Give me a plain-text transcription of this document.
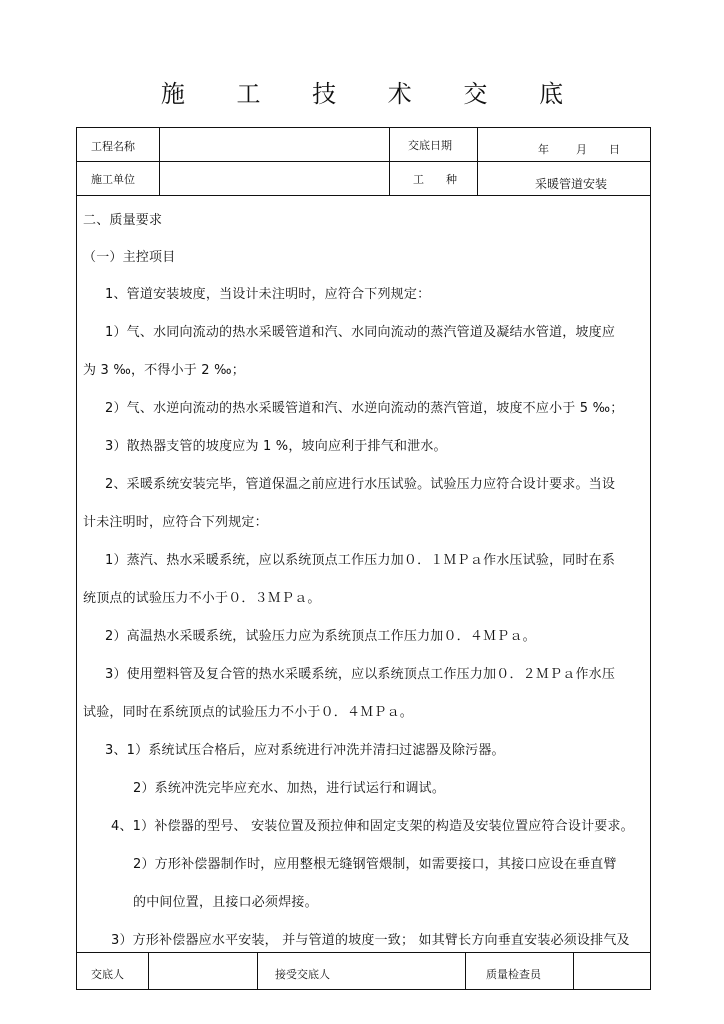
施 工 技 术 交 底
工程名称	交底日期	年 月 日
施工单位	工　　种	采暖管道安装
二、质量要求
（一）主控项目
1、管道安装坡度，当设计未注明时，应符合下列规定：
1）气、水同向流动的热水采暖管道和汽、水同向流动的蒸汽管道及凝结水管道，坡度应
为 3 ‰，不得小于 2 ‰；
2）气、水逆向流动的热水采暖管道和汽、水逆向流动的蒸汽管道，坡度不应小于 5 ‰；
3）散热器支管的坡度应为 1 %，坡向应利于排气和泄水。
2、采暖系统安装完毕，管道保温之前应进行水压试验。试验压力应符合设计要求。当设
计未注明时，应符合下列规定：
1）蒸汽、热水采暖系统，应以系统顶点工作压力加０．１ＭＰａ作水压试验，同时在系
统顶点的试验压力不小于０．３ＭＰａ。
2）高温热水采暖系统，试验压力应为系统顶点工作压力加０．４ＭＰａ。
3）使用塑料管及复合管的热水采暖系统，应以系统顶点工作压力加０．２ＭＰａ作水压
试验，同时在系统顶点的试验压力不小于０．４ＭＰａ。
3、1）系统试压合格后，应对系统进行冲洗并清扫过滤器及除污器。
2）系统冲洗完毕应充水、加热，进行试运行和调试。
4、1）补偿器的型号、 安装位置及预拉伸和固定支架的构造及安装位置应符合设计要求。
2）方形补偿器制作时，应用整根无缝钢管煨制，如需要接口，其接口应设在垂直臂
的中间位置，且接口必须焊接。
3）方形补偿器应水平安装， 并与管道的坡度一致； 如其臂长方向垂直安装必须设排气及
交底人	接受交底人	质量检查员
